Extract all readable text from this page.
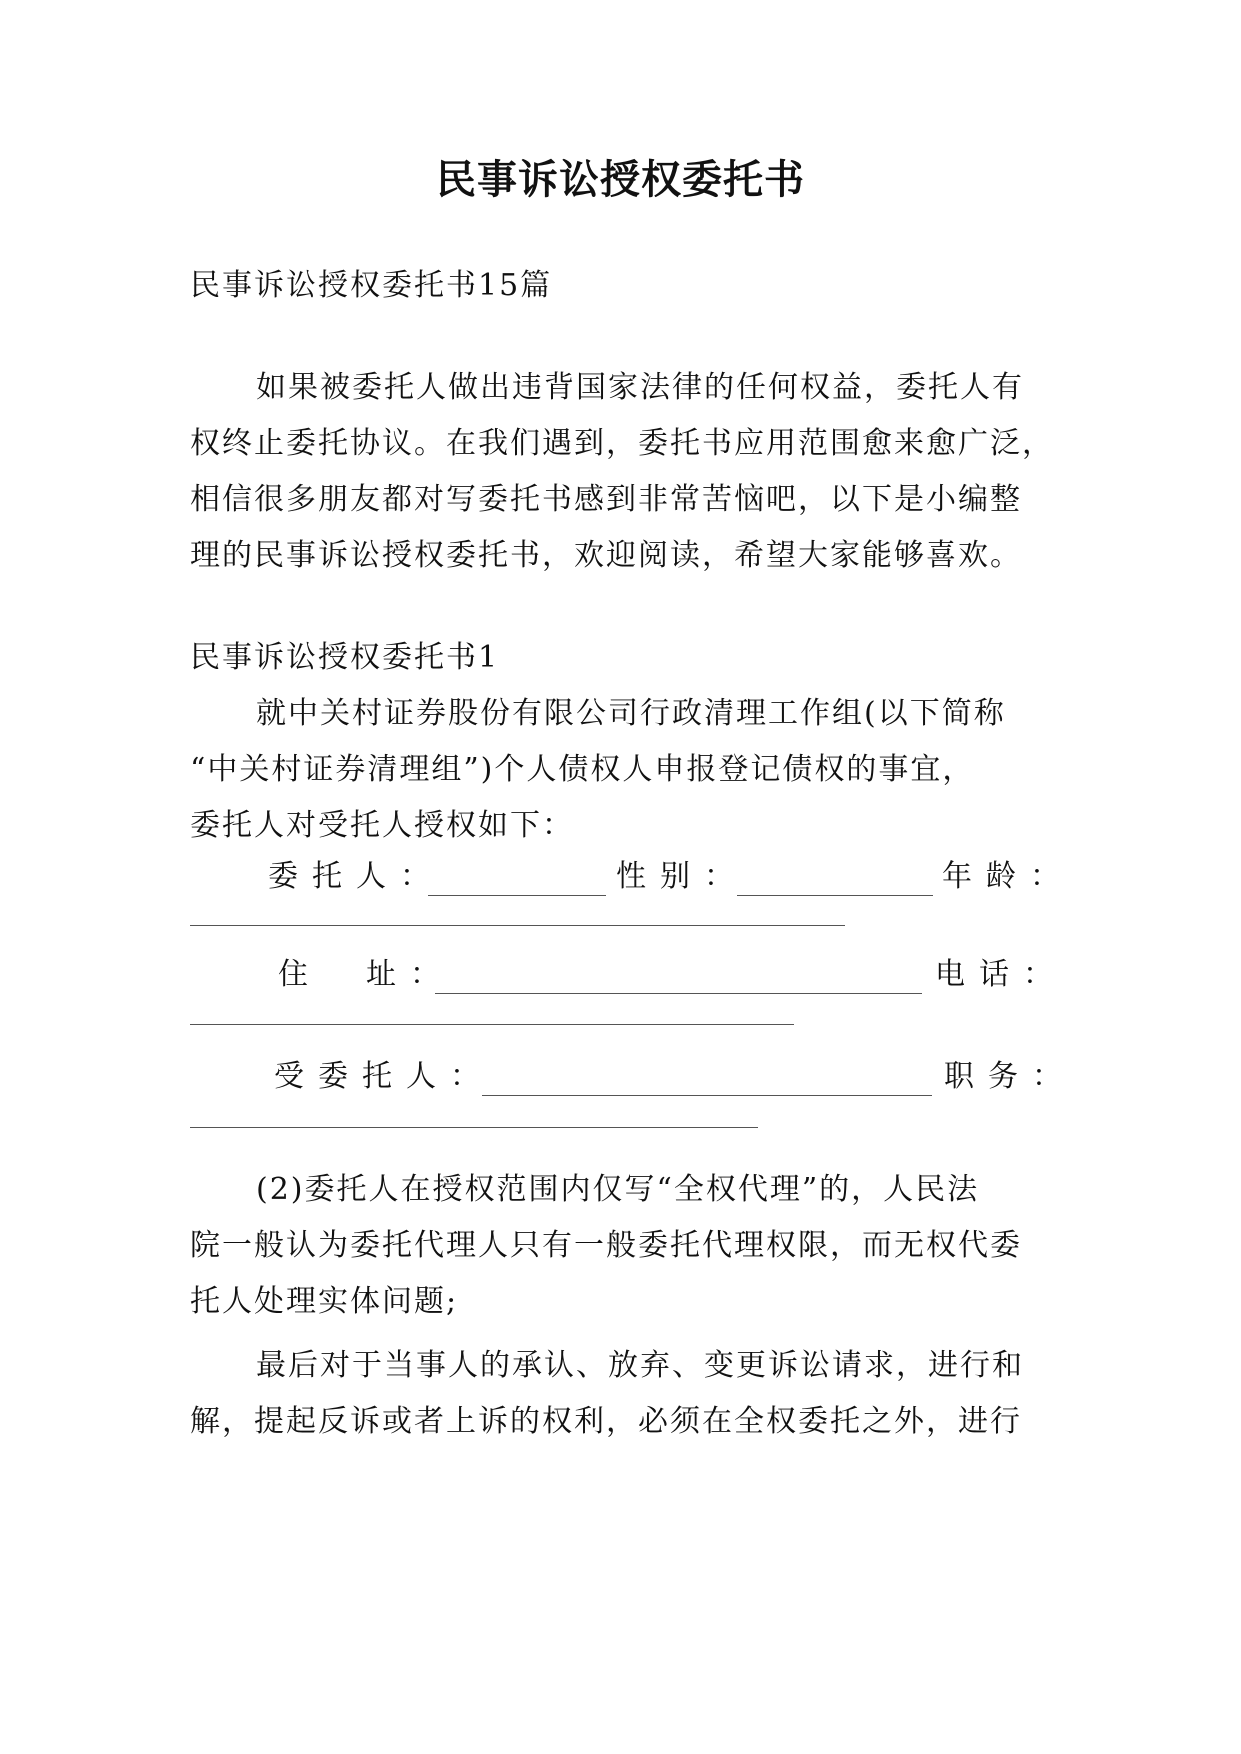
民事诉讼授权委托书
民事诉讼授权委托书15篇
如果被委托人做出违背国家法律的任何权益，委托人有
权终止委托协议。在我们遇到，委托书应用范围愈来愈广泛，
相信很多朋友都对写委托书感到非常苦恼吧，以下是小编整
理的民事诉讼授权委托书，欢迎阅读，希望大家能够喜欢。
民事诉讼授权委托书1
就中关村证券股份有限公司行政清理工作组(以下简称
“中关村证券清理组”)个人债权人申报登记债权的事宜，
委托人对受托人授权如下：
委托人：	性别：	年龄：
住　址：	电话：
受委托人：	职务：
(2)委托人在授权范围内仅写“全权代理”的，人民法
院一般认为委托代理人只有一般委托代理权限，而无权代委
托人处理实体问题;
最后对于当事人的承认、放弃、变更诉讼请求，进行和
解，提起反诉或者上诉的权利，必须在全权委托之外，进行
